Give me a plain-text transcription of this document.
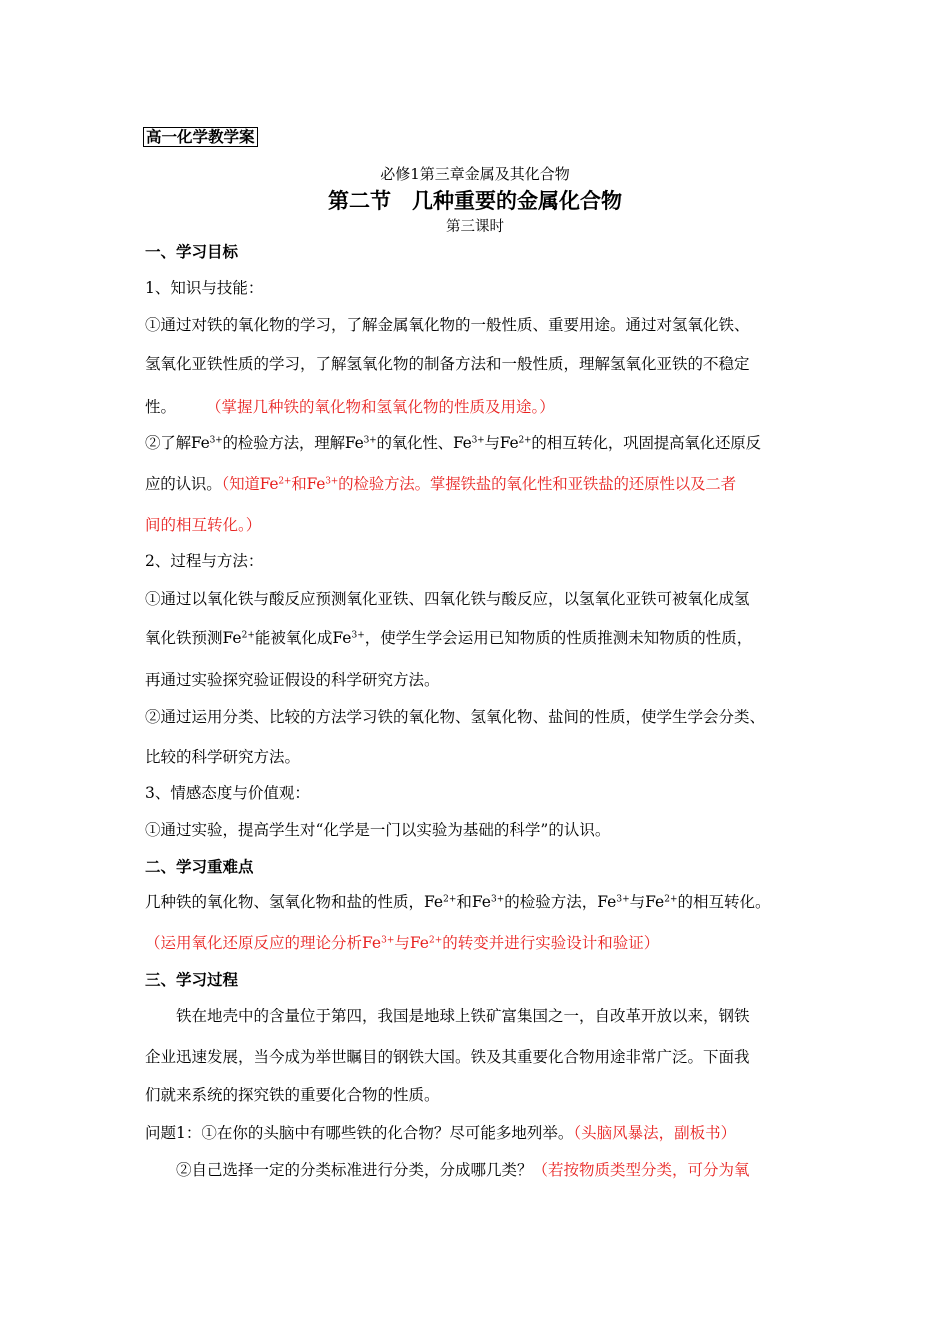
高一化学教学案
必修1第三章金属及其化合物
第二节　几种重要的金属化合物
第三课时
一、学习目标
1、知识与技能：
①通过对铁的氧化物的学习，了解金属氧化物的一般性质、重要用途。通过对氢氧化铁、
氢氧化亚铁性质的学习，了解氢氧化物的制备方法和一般性质，理解氢氧化亚铁的不稳定
性。 （掌握几种铁的氧化物和氢氧化物的性质及用途。）
②了解$Fe^{3+}$的检验方法，理解$Fe^{3+}$的氧化性、$Fe^{3+}$与$Fe^{2+}$的相互转化，巩固提高氧化还原反
应的认识。（知道$Fe^{2+}$和$Fe^{3+}$的检验方法。掌握铁盐的氧化性和亚铁盐的还原性以及二者
间的相互转化。）
2、过程与方法：
①通过以氧化铁与酸反应预测氧化亚铁、四氧化铁与酸反应，以氢氧化亚铁可被氧化成氢
氧化铁预测$Fe^{2+}$能被氧化成$Fe^{3+}$，使学生学会运用已知物质的性质推测未知物质的性质，
再通过实验探究验证假设的科学研究方法。
②通过运用分类、比较的方法学习铁的氧化物、氢氧化物、盐间的性质，使学生学会分类、
比较的科学研究方法。
3、情感态度与价值观：
①通过实验，提高学生对“化学是一门以实验为基础的科学”的认识。
二、学习重难点
几种铁的氧化物、氢氧化物和盐的性质，$Fe^{2+}$和$Fe^{3+}$的检验方法，$Fe^{3+}$与$Fe^{2+}$的相互转化。
（运用氧化还原反应的理论分析$Fe^{3+}$与$Fe^{2+}$的转变并进行实验设计和验证）
三、学习过程
铁在地壳中的含量位于第四，我国是地球上铁矿富集国之一，自改革开放以来，钢铁
企业迅速发展，当今成为举世瞩目的钢铁大国。铁及其重要化合物用途非常广泛。下面我
们就来系统的探究铁的重要化合物的性质。
问题1：①在你的头脑中有哪些铁的化合物？尽可能多地列举。（头脑风暴法，副板书）
②自己选择一定的分类标准进行分类，分成哪几类？（若按物质类型分类，可分为氧
